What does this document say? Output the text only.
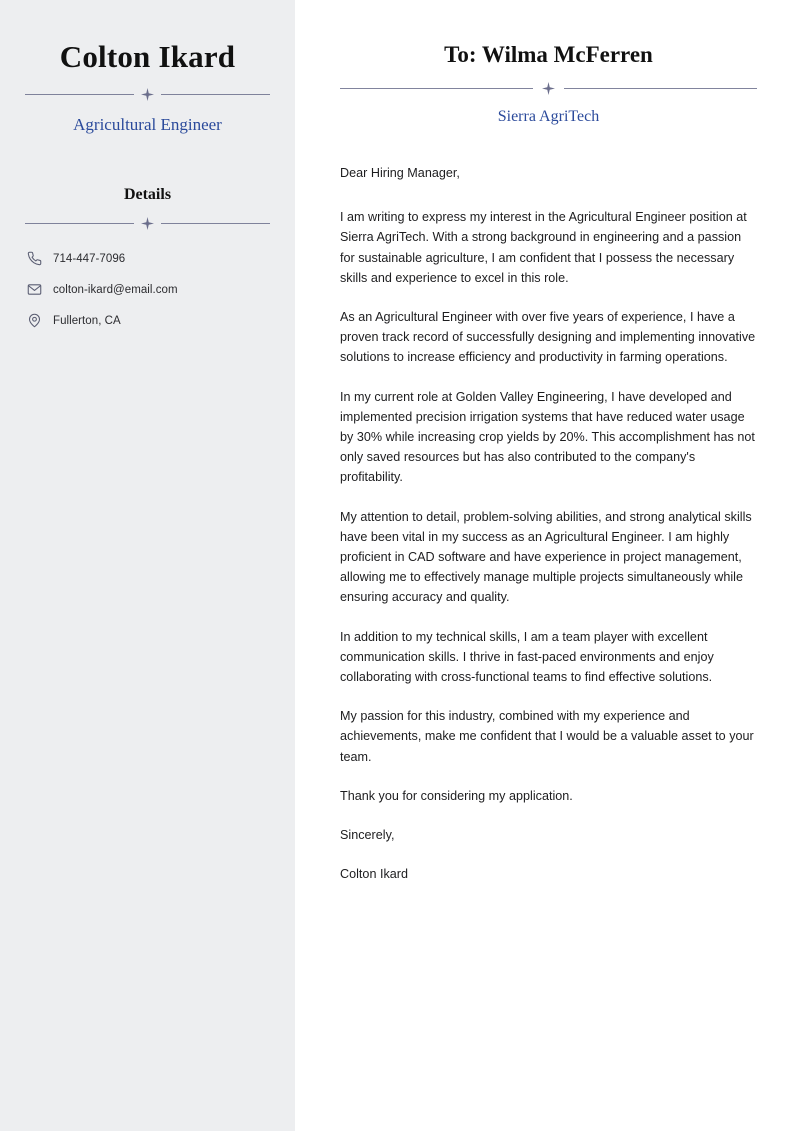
Colton Ikard
Agricultural Engineer
Details
714-447-7096
colton-ikard@email.com
Fullerton, CA
To: Wilma McFerren
Sierra AgriTech

Dear Hiring Manager,

I am writing to express my interest in the Agricultural Engineer position at Sierra AgriTech. With a strong background in engineering and a passion for sustainable agriculture, I am confident that I possess the necessary skills and experience to excel in this role.

As an Agricultural Engineer with over five years of experience, I have a proven track record of successfully designing and implementing innovative solutions to increase efficiency and productivity in farming operations.

In my current role at Golden Valley Engineering, I have developed and implemented precision irrigation systems that have reduced water usage by 30% while increasing crop yields by 20%. This accomplishment has not only saved resources but has also contributed to the company's profitability.

My attention to detail, problem-solving abilities, and strong analytical skills have been vital in my success as an Agricultural Engineer. I am highly proficient in CAD software and have experience in project management, allowing me to effectively manage multiple projects simultaneously while ensuring accuracy and quality.

In addition to my technical skills, I am a team player with excellent communication skills. I thrive in fast-paced environments and enjoy collaborating with cross-functional teams to find effective solutions.

My passion for this industry, combined with my experience and achievements, make me confident that I would be a valuable asset to your team.

Thank you for considering my application.

Sincerely,

Colton Ikard
